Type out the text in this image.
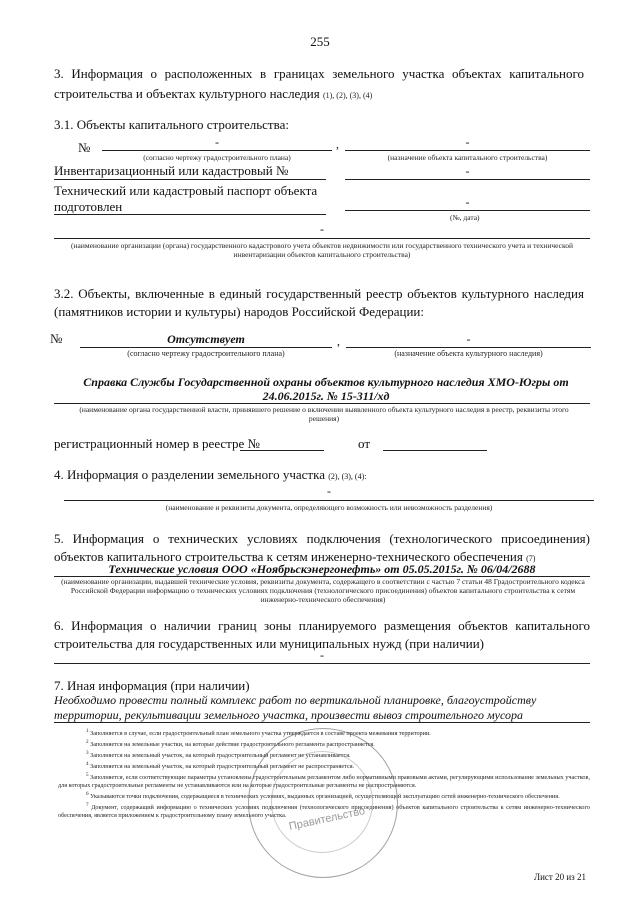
255
3. Информация о расположенных в границах земельного участка объектах капитального строительства и объектах культурного наследия (1), (2), (3), (4)
3.1. Объекты капитального строительства:
№	-	,	-
(согласно чертежу градостроительного плана)	(назначение объекта капитального строительства)
Инвентаризационный или кадастровый №	-
Технический или кадастровый паспорт объекта
подготовлен	-
(№, дата)
-
(наименование организации (органа) государственного кадастрового учета объектов недвижимости или государственного технического учета и технической инвентаризации объектов капитального строительства)
3.2. Объекты, включенные в единый государственный реестр объектов культурного наследия (памятников истории и культуры) народов Российской Федерации:
№	Отсутствует	,	-
(согласно чертежу градостроительного плана)	(назначение объекта культурного наследия)
Справка Службы Государственной охраны объектов культурного наследия ХМО-Югры от 24.06.2015г. № 15-311/хд
(наименование органа государственной власти, принявшего решение о включении выявленного объекта культурного наследия в реестр, реквизиты этого решения)
регистрационный номер в реестре №	от
4. Информация о разделении земельного участка (2), (3), (4):
-
(наименование и реквизиты документа, определяющего возможность или невозможность разделения)
5. Информация о технических условиях подключения (технологического присоединения) объектов капитального строительства к сетям инженерно-технического обеспечения (7)
Технические условия ООО «Ноябрьскэнергонефть» от 05.05.2015г. № 06/04/2688
(наименование организации, выдавшей технические условия, реквизиты документа, содержащего в соответствии с частью 7 статьи 48 Градостроительного кодекса Российской Федерации информацию о технических условиях подключения (технологического присоединения) объектов капитального строительства к сетям инженерно-технического обеспечения)
6. Информация о наличии границ зоны планируемого размещения объектов капитального строительства для государственных или муниципальных нужд (при наличии)
-
7. Иная информация (при наличии)
Необходимо провести полный комплекс работ по вертикальной планировке, благоустройству территории, рекультивации земельного участка, произвести вывоз строительного мусора
$^1$ Заполняется в случае, если градостроительный план земельного участка утверждается в составе проекта межевания территории.
$^2$ Заполняется на земельные участки, на которые действие градостроительного регламента распространяется.
$^3$ Заполняется на земельный участок, на который градостроительный регламент не устанавливается.
$^4$ Заполняется на земельный участок, на который градостроительный регламент не распространяется.
$^5$ Заполняется, если соответствующие параметры установлены градостроительным регламентом либо нормативными правовыми актами, регулирующими использование земельных участков, для которых градостроительные регламенты не устанавливаются или на которые градостроительные регламенты не распространяются.
$^6$ Указываются точки подключения, содержащиеся в технических условиях, выданных организацией, осуществляющей эксплуатацию сетей инженерно-технического обеспечения.
$^7$ Документ, содержащий информацию о технических условиях подключения (технологического присоединения) объектов капитального строительства к сетям инженерно-технического обеспечения, является приложением к градостроительному плану земельного участка. Правительство
Лист 20 из 21
